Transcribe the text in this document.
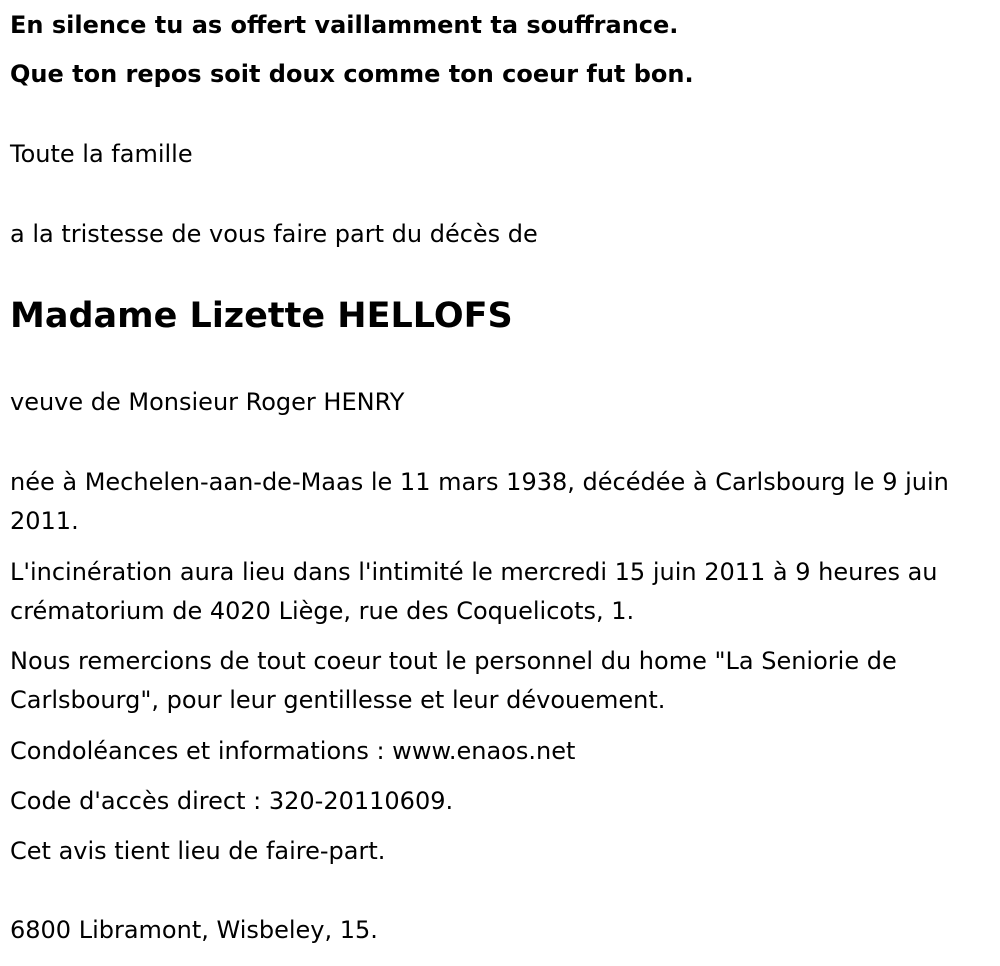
En silence tu as offert vaillamment ta souffrance.

Que ton repos soit doux comme ton coeur fut bon.

Toute la famille

a la tristesse de vous faire part du décès de

Madame Lizette HELLOFS

veuve de Monsieur Roger HENRY

née à Mechelen-aan-de-Maas le 11 mars 1938, décédée à Carlsbourg le 9 juin 2011.

L'incinération aura lieu dans l'intimité le mercredi 15 juin 2011 à 9 heures au crématorium de 4020 Liège, rue des Coquelicots, 1.

Nous remercions de tout coeur tout le personnel du home "La Seniorie de Carlsbourg", pour leur gentillesse et leur dévouement.

Condoléances et informations : www.enaos.net

Code d'accès direct : 320-20110609.

Cet avis tient lieu de faire-part.

6800 Libramont, Wisbeley, 15.
